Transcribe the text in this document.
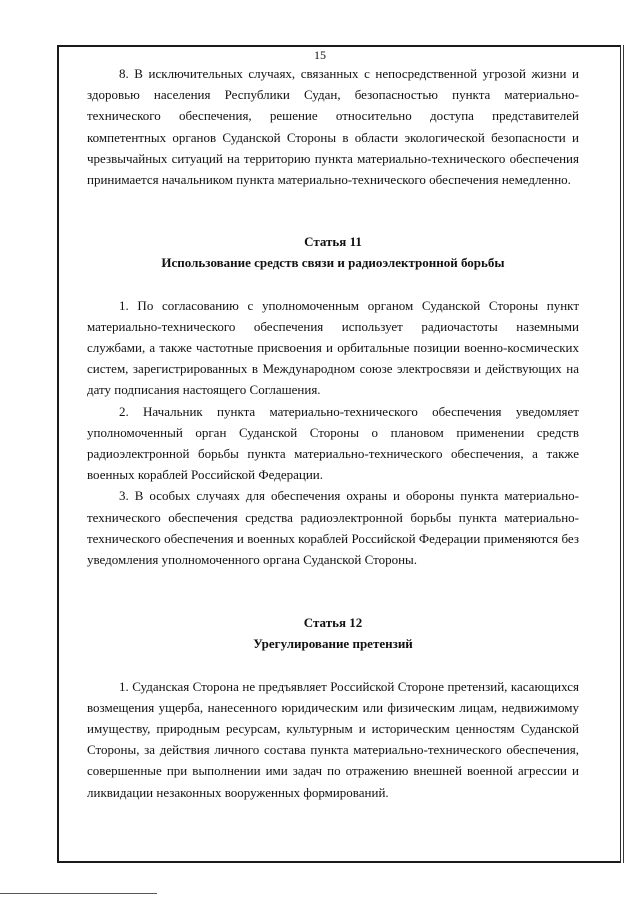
15

8. В исключительных случаях, связанных с непосредственной угрозой жизни и здоровью населения Республики Судан, безопасностью пункта материально-технического обеспечения, решение относительно доступа представителей компетентных органов Суданской Стороны в области экологической безопасности и чрезвычайных ситуаций на территорию пункта материально-технического обеспечения принимается начальником пункта материально-технического обеспечения немедленно.

Статья 11

Использование средств связи и радиоэлектронной борьбы

1. По согласованию с уполномоченным органом Суданской Стороны пункт материально-технического обеспечения использует радиочастоты наземными службами, а также частотные присвоения и орбитальные позиции военно-космических систем, зарегистрированных в Международном союзе электросвязи и действующих на дату подписания настоящего Соглашения.

2. Начальник пункта материально-технического обеспечения уведомляет уполномоченный орган Суданской Стороны о плановом применении средств радиоэлектронной борьбы пункта материально-технического обеспечения, а также военных кораблей Российской Федерации.

3. В особых случаях для обеспечения охраны и обороны пункта материально-технического обеспечения средства радиоэлектронной борьбы пункта материально-технического обеспечения и военных кораблей Российской Федерации применяются без уведомления уполномоченного органа Суданской Стороны.

Статья 12

Урегулирование претензий

1. Суданская Сторона не предъявляет Российской Стороне претензий, касающихся возмещения ущерба, нанесенного юридическим или физическим лицам, недвижимому имуществу, природным ресурсам, культурным и историческим ценностям Суданской Стороны, за действия личного состава пункта материально-технического обеспечения, совершенные при выполнении ими задач по отражению внешней военной агрессии и ликвидации незаконных вооруженных формирований.
